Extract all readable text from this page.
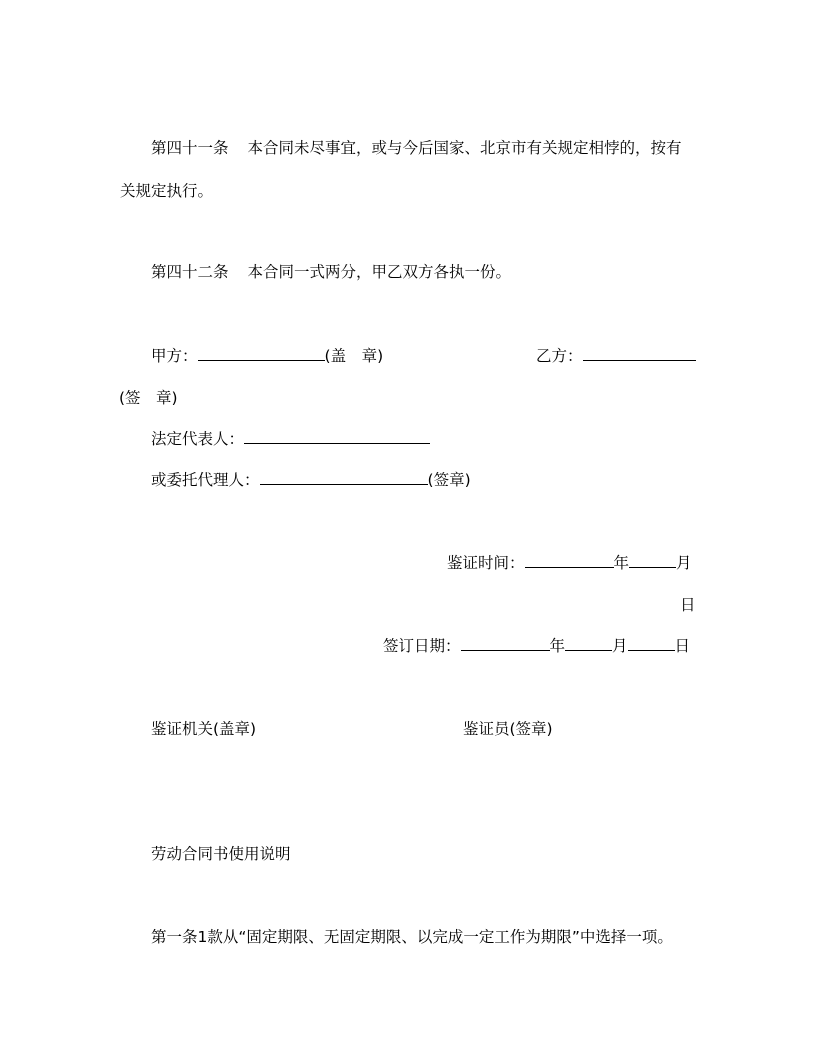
第四十一条 本合同未尽事宜，或与今后国家、北京市有关规定相悖的，按有
关规定执行。
第四十二条 本合同一式两分，甲乙双方各执一份。
甲方：	(盖　章)	乙方：
(签　章)
法定代表人：
或委托代理人：	(签章)
鉴证时间：	年	月
日
签订日期：	年	月	日
鉴证机关(盖章)	鉴证员(签章)
劳动合同书使用说明
第一条1款从“固定期限、无固定期限、以完成一定工作为期限”中选择一项。
